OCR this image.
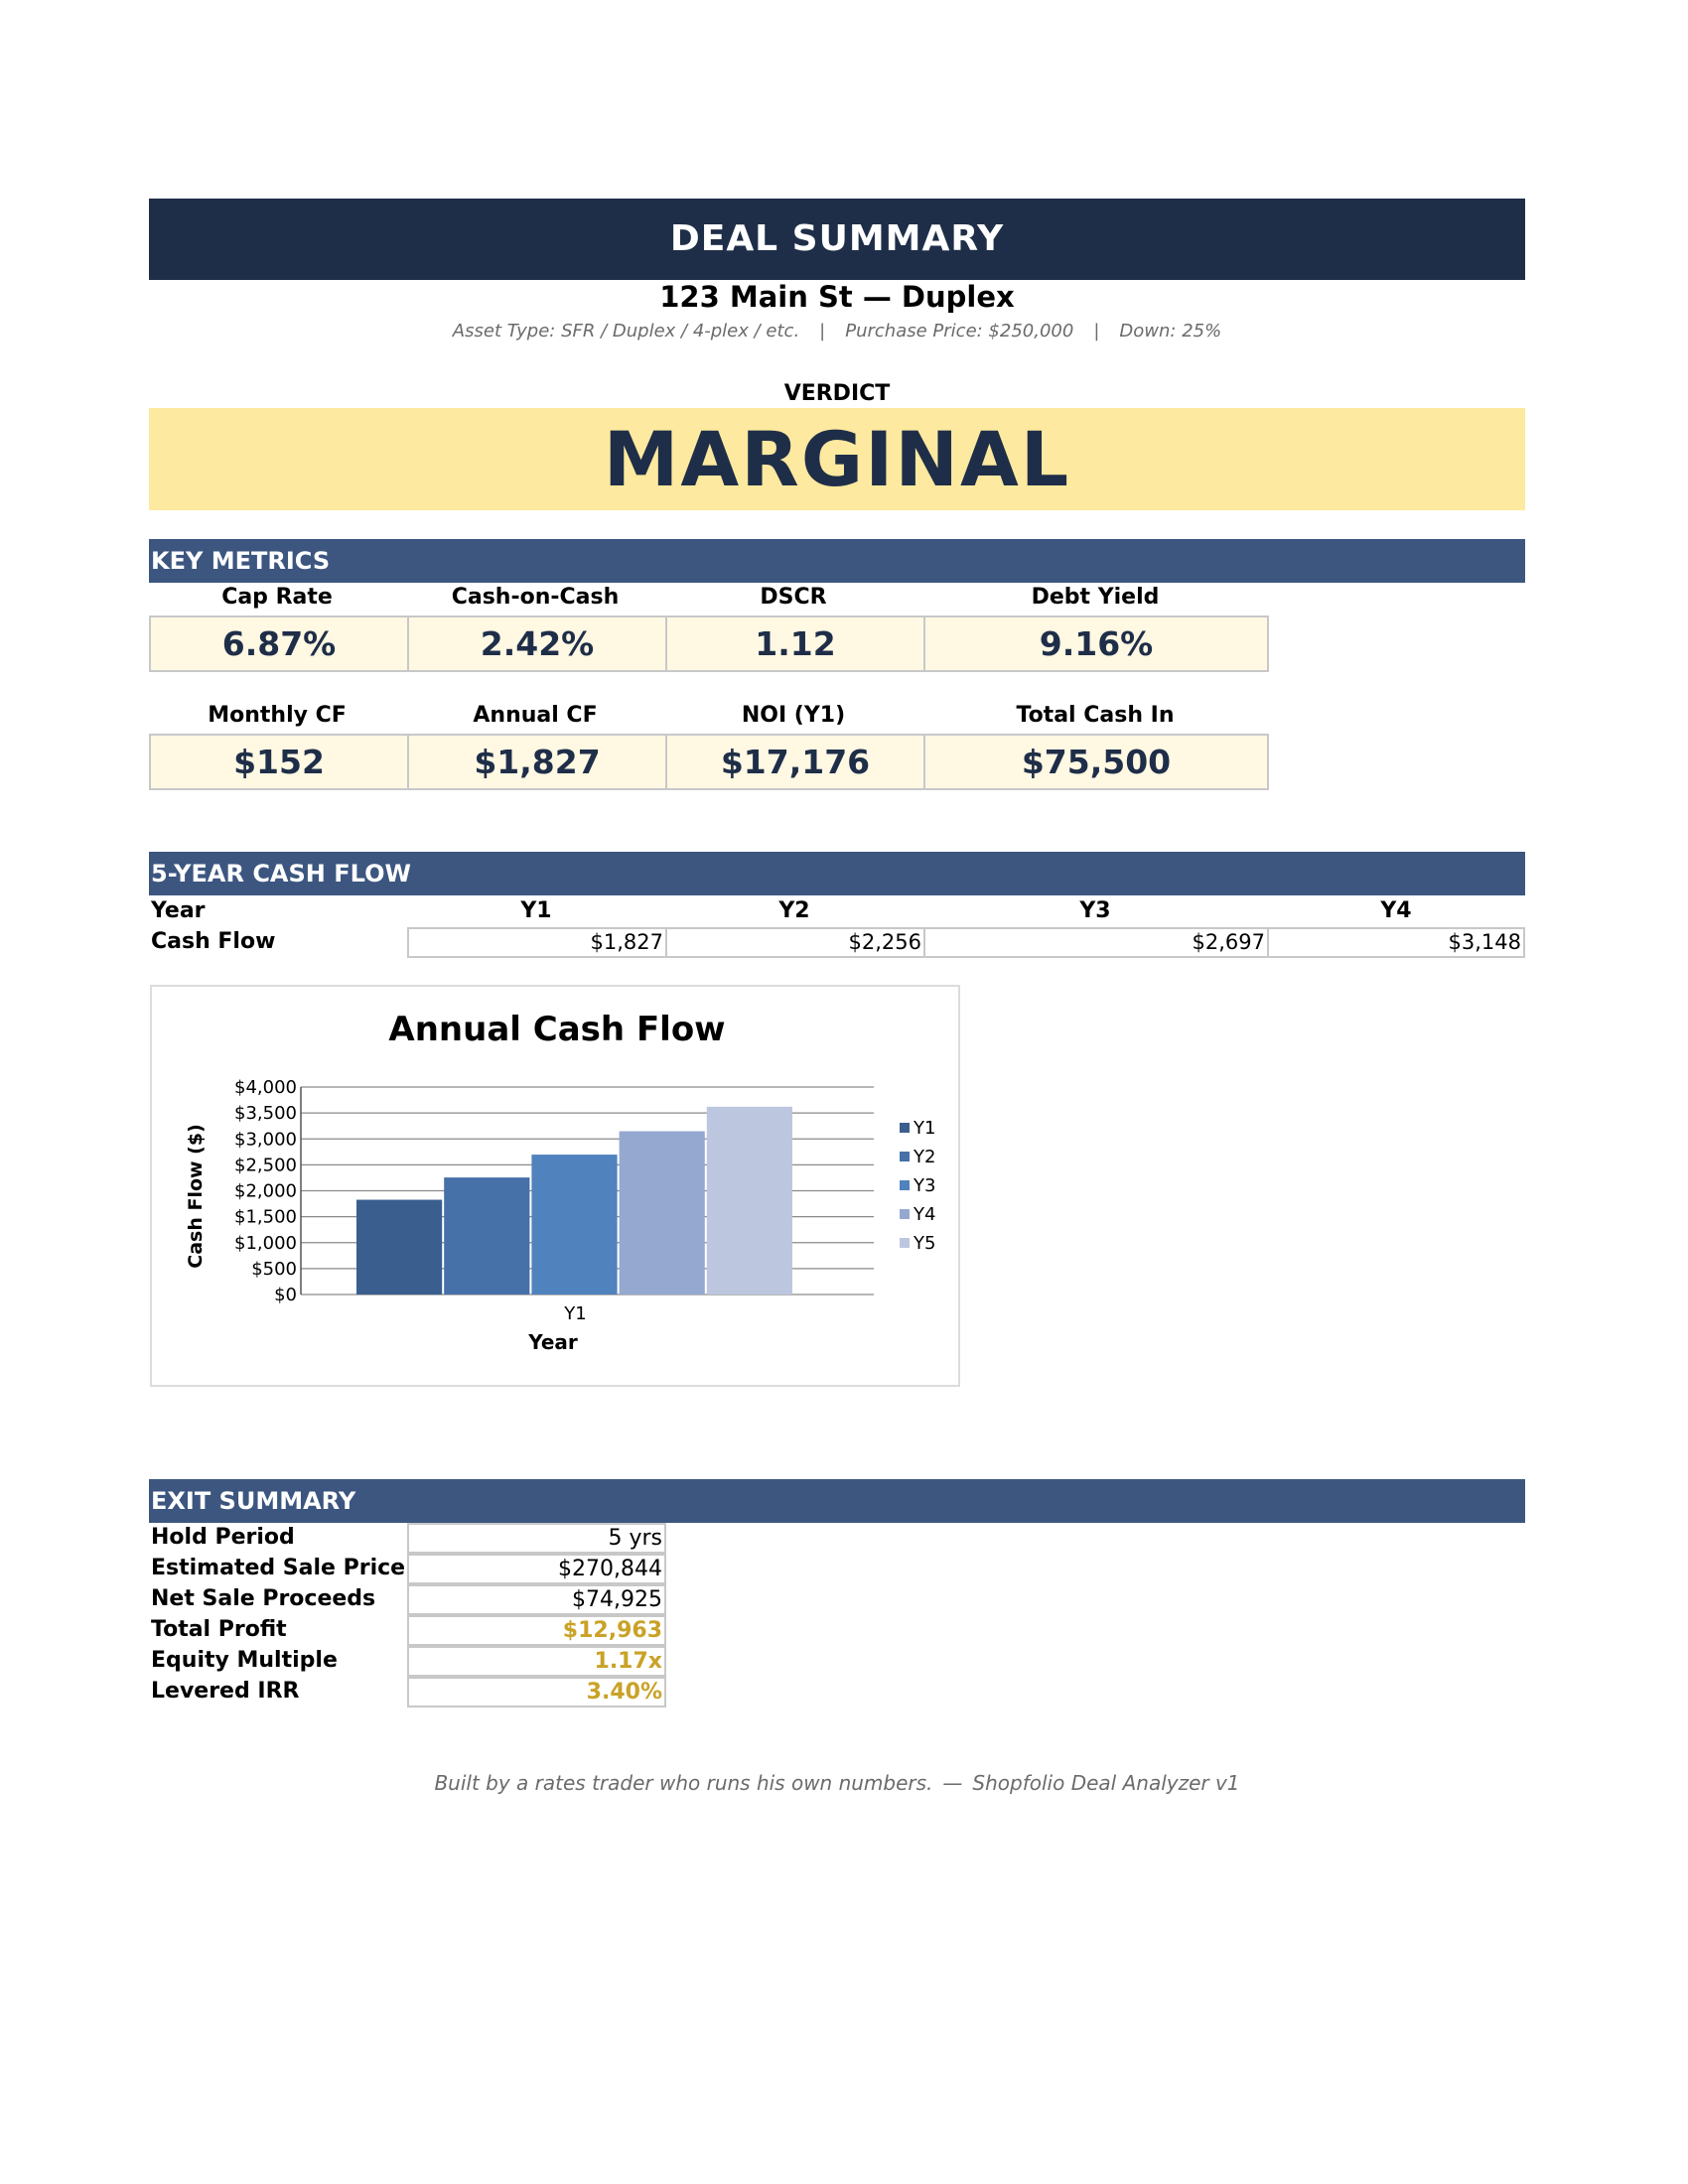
DEAL SUMMARY
123 Main St — Duplex
Asset Type: SFR / Duplex / 4-plex / etc. | Purchase Price: $250,000 | Down: 25%
VERDICT
MARGINAL
KEY METRICS
Cap Rate	Cash-on-Cash	DSCR	Debt Yield
6.87%	2.42%	1.12	9.16%
Monthly CF	Annual CF	NOI (Y1)	Total Cash In
$152	$1,827	$17,176	$75,500
5-YEAR CASH FLOW
Year	Y1	Y2	Y3	Y4
Cash Flow	$1,827	$2,256	$2,697	$3,148
Annual Cash Flow
Cash Flow ($)
Year
$0
$500
$1,000
$1,500
$2,000
$2,500
$3,000
$3,500
$4,000
Y1
Y1
Y2
Y3
Y4
Y5
EXIT SUMMARY
Hold Period	5 yrs
Estimated Sale Price	$270,844
Net Sale Proceeds	$74,925
Total Profit	$12,963
Equity Multiple	1.17x
Levered IRR	3.40%
Built by a rates trader who runs his own numbers. — Shopfolio Deal Analyzer v1
